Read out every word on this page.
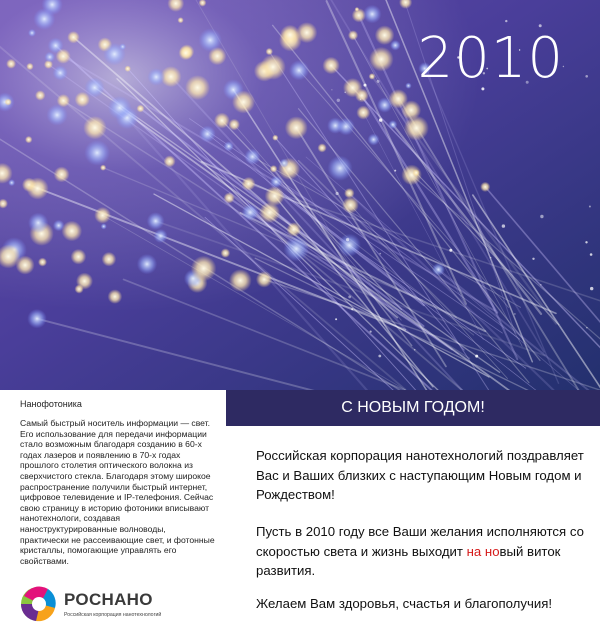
2010
Нанофотоника
Самый быстрый носитель информации — свет. Его использование для передачи информации стало возможным благодаря созданию в 60-х годах лазеров и появлению в 70-х годах прошлого столетия оптического волокна из сверхчистого стекла. Благодаря этому широкое распространение получили быстрый интернет, цифровое телевидение и IP-телефония. Сейчас свою страницу в историю фотоники вписывают нанотехнологи, создавая наноструктурированные волноводы, практически не рассеивающие свет, и фотонные кристаллы, помогающие управлять его свойствами.
РОСНАНО
Российская корпорация нанотехнологий
С НОВЫМ ГОДОМ!
Российская корпорация нанотехнологий поздравляет Вас и Ваших близких с наступающим Новым годом и Рождеством!
Пусть в 2010 году все Ваши желания исполняются со скоростью света и жизнь выходит на новый виток развития.
Желаем Вам здоровья, счастья и благополучия!
